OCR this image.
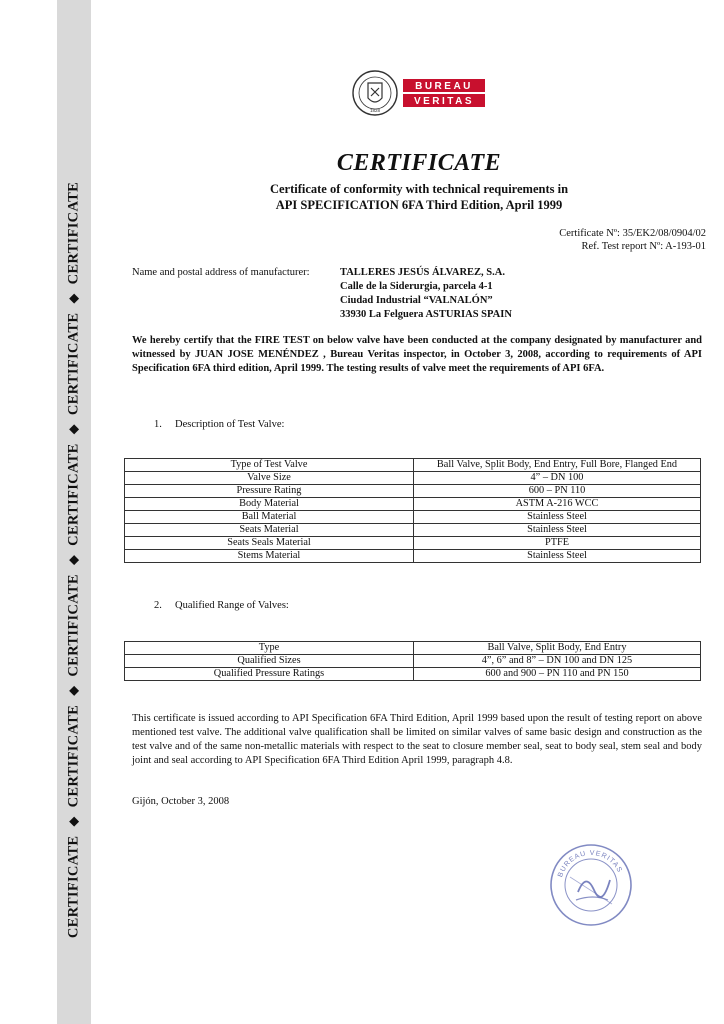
CERTIFICATE◆CERTIFICATE◆CERTIFICATE◆CERTIFICATE◆CERTIFICATE◆CERTIFICATE
1828
BUREAU
VERITAS
CERTIFICATE
Certificate of conformity with technical requirements in
API SPECIFICATION 6FA Third Edition, April 1999
Certificate Nº: 35/EK2/08/0904/02
Ref. Test report Nº: A-193-01
Name and postal address of manufacturer:	TALLERES JESÚS ÁLVAREZ, S.A.
Calle de la Siderurgia, parcela 4-1
Ciudad Industrial “VALNALÓN”
33930 La Felguera ASTURIAS SPAIN
We hereby certify that the FIRE TEST on below valve have been conducted at the company designated by manufacturer and witnessed by JUAN JOSE MENÉNDEZ , Bureau Veritas inspector, in October 3, 2008, according to requirements of API Specification 6FA third edition, April 1999. The testing results of valve meet the requirements of API 6FA.
1. Description of Test Valve:
Type of Test Valve	Ball Valve, Split Body, End Entry, Full Bore, Flanged End
Valve Size	4” – DN 100
Pressure Rating	600 – PN 110
Body Material	ASTM A-216 WCC
Ball Material	Stainless Steel
Seats Material	Stainless Steel
Seats Seals Material	PTFE
Stems Material	Stainless Steel
2. Qualified Range of Valves:
Type	Ball Valve, Split Body, End Entry
Qualified Sizes	4”, 6” and 8” – DN 100 and DN 125
Qualified Pressure Ratings	600 and 900 – PN 110 and PN 150
This certificate is issued according to API Specification 6FA Third Edition, April 1999 based upon the result of testing report on above mentioned test valve. The additional valve qualification shall be limited on similar valves of same basic design and construction as the test valve and of the same non-metallic materials with respect to the seat to closure member seal, seat to body seal, stem seal and body joint and seal according to API Specification 6FA Third Edition April 1999, paragraph 4.8.
Gijón, October 3, 2008
BUREAU VERITAS
